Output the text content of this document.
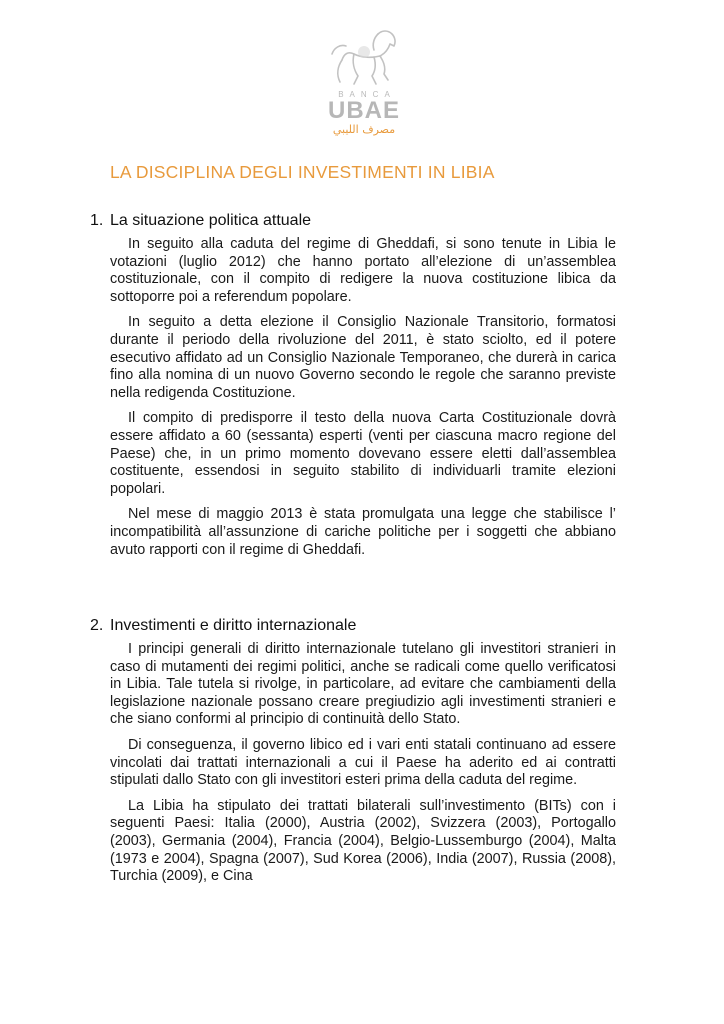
BANCA
UBAE
مصرف الليبي
LA DISCIPLINA DEGLI INVESTIMENTI IN LIBIA
1. La situazione politica attuale

In seguito alla caduta del regime di Gheddafi, si sono tenute in Libia le votazioni (luglio 2012) che hanno portato all’elezione di un’assemblea costituzionale, con il compito di redigere la nuova costituzione libica da sottoporre poi a referendum popolare.

In seguito a detta elezione il Consiglio Nazionale Transitorio, formatosi durante il periodo della rivoluzione del 2011, è stato sciolto, ed il potere esecutivo affidato ad un Consiglio Nazionale Temporaneo, che durerà in carica fino alla nomina di un nuovo Governo secondo le regole che saranno previste nella redigenda Costituzione.

Il compito di predisporre il testo della nuova Carta Costituzionale dovrà essere affidato a 60 (sessanta) esperti (venti per ciascuna macro regione del Paese) che, in un primo momento dovevano essere eletti dall’assemblea costituente, essendosi in seguito stabilito di individuarli tramite elezioni popolari.

Nel mese di maggio 2013 è stata promulgata una legge che stabilisce l’ incompatibilità all’assunzione di cariche politiche per i soggetti che abbiano avuto rapporti con il regime di Gheddafi.

2. Investimenti e diritto internazionale

I principi generali di diritto internazionale tutelano gli investitori stranieri in caso di mutamenti dei regimi politici, anche se radicali come quello verificatosi in Libia. Tale tutela si rivolge, in particolare, ad evitare che cambiamenti della legislazione nazionale possano creare pregiudizio agli investimenti stranieri e che siano conformi al principio di continuità dello Stato.

Di conseguenza, il governo libico ed i vari enti statali continuano ad essere vincolati dai trattati internazionali a cui il Paese ha aderito ed ai contratti stipulati dallo Stato con gli investitori esteri prima della caduta del regime.

La Libia ha stipulato dei trattati bilaterali sull’investimento (BITs) con i seguenti Paesi: Italia (2000), Austria (2002), Svizzera (2003), Portogallo (2003), Germania (2004), Francia (2004), Belgio-Lussemburgo (2004), Malta (1973 e 2004), Spagna (2007), Sud Korea (2006), India (2007), Russia (2008), Turchia (2009), e Cina
